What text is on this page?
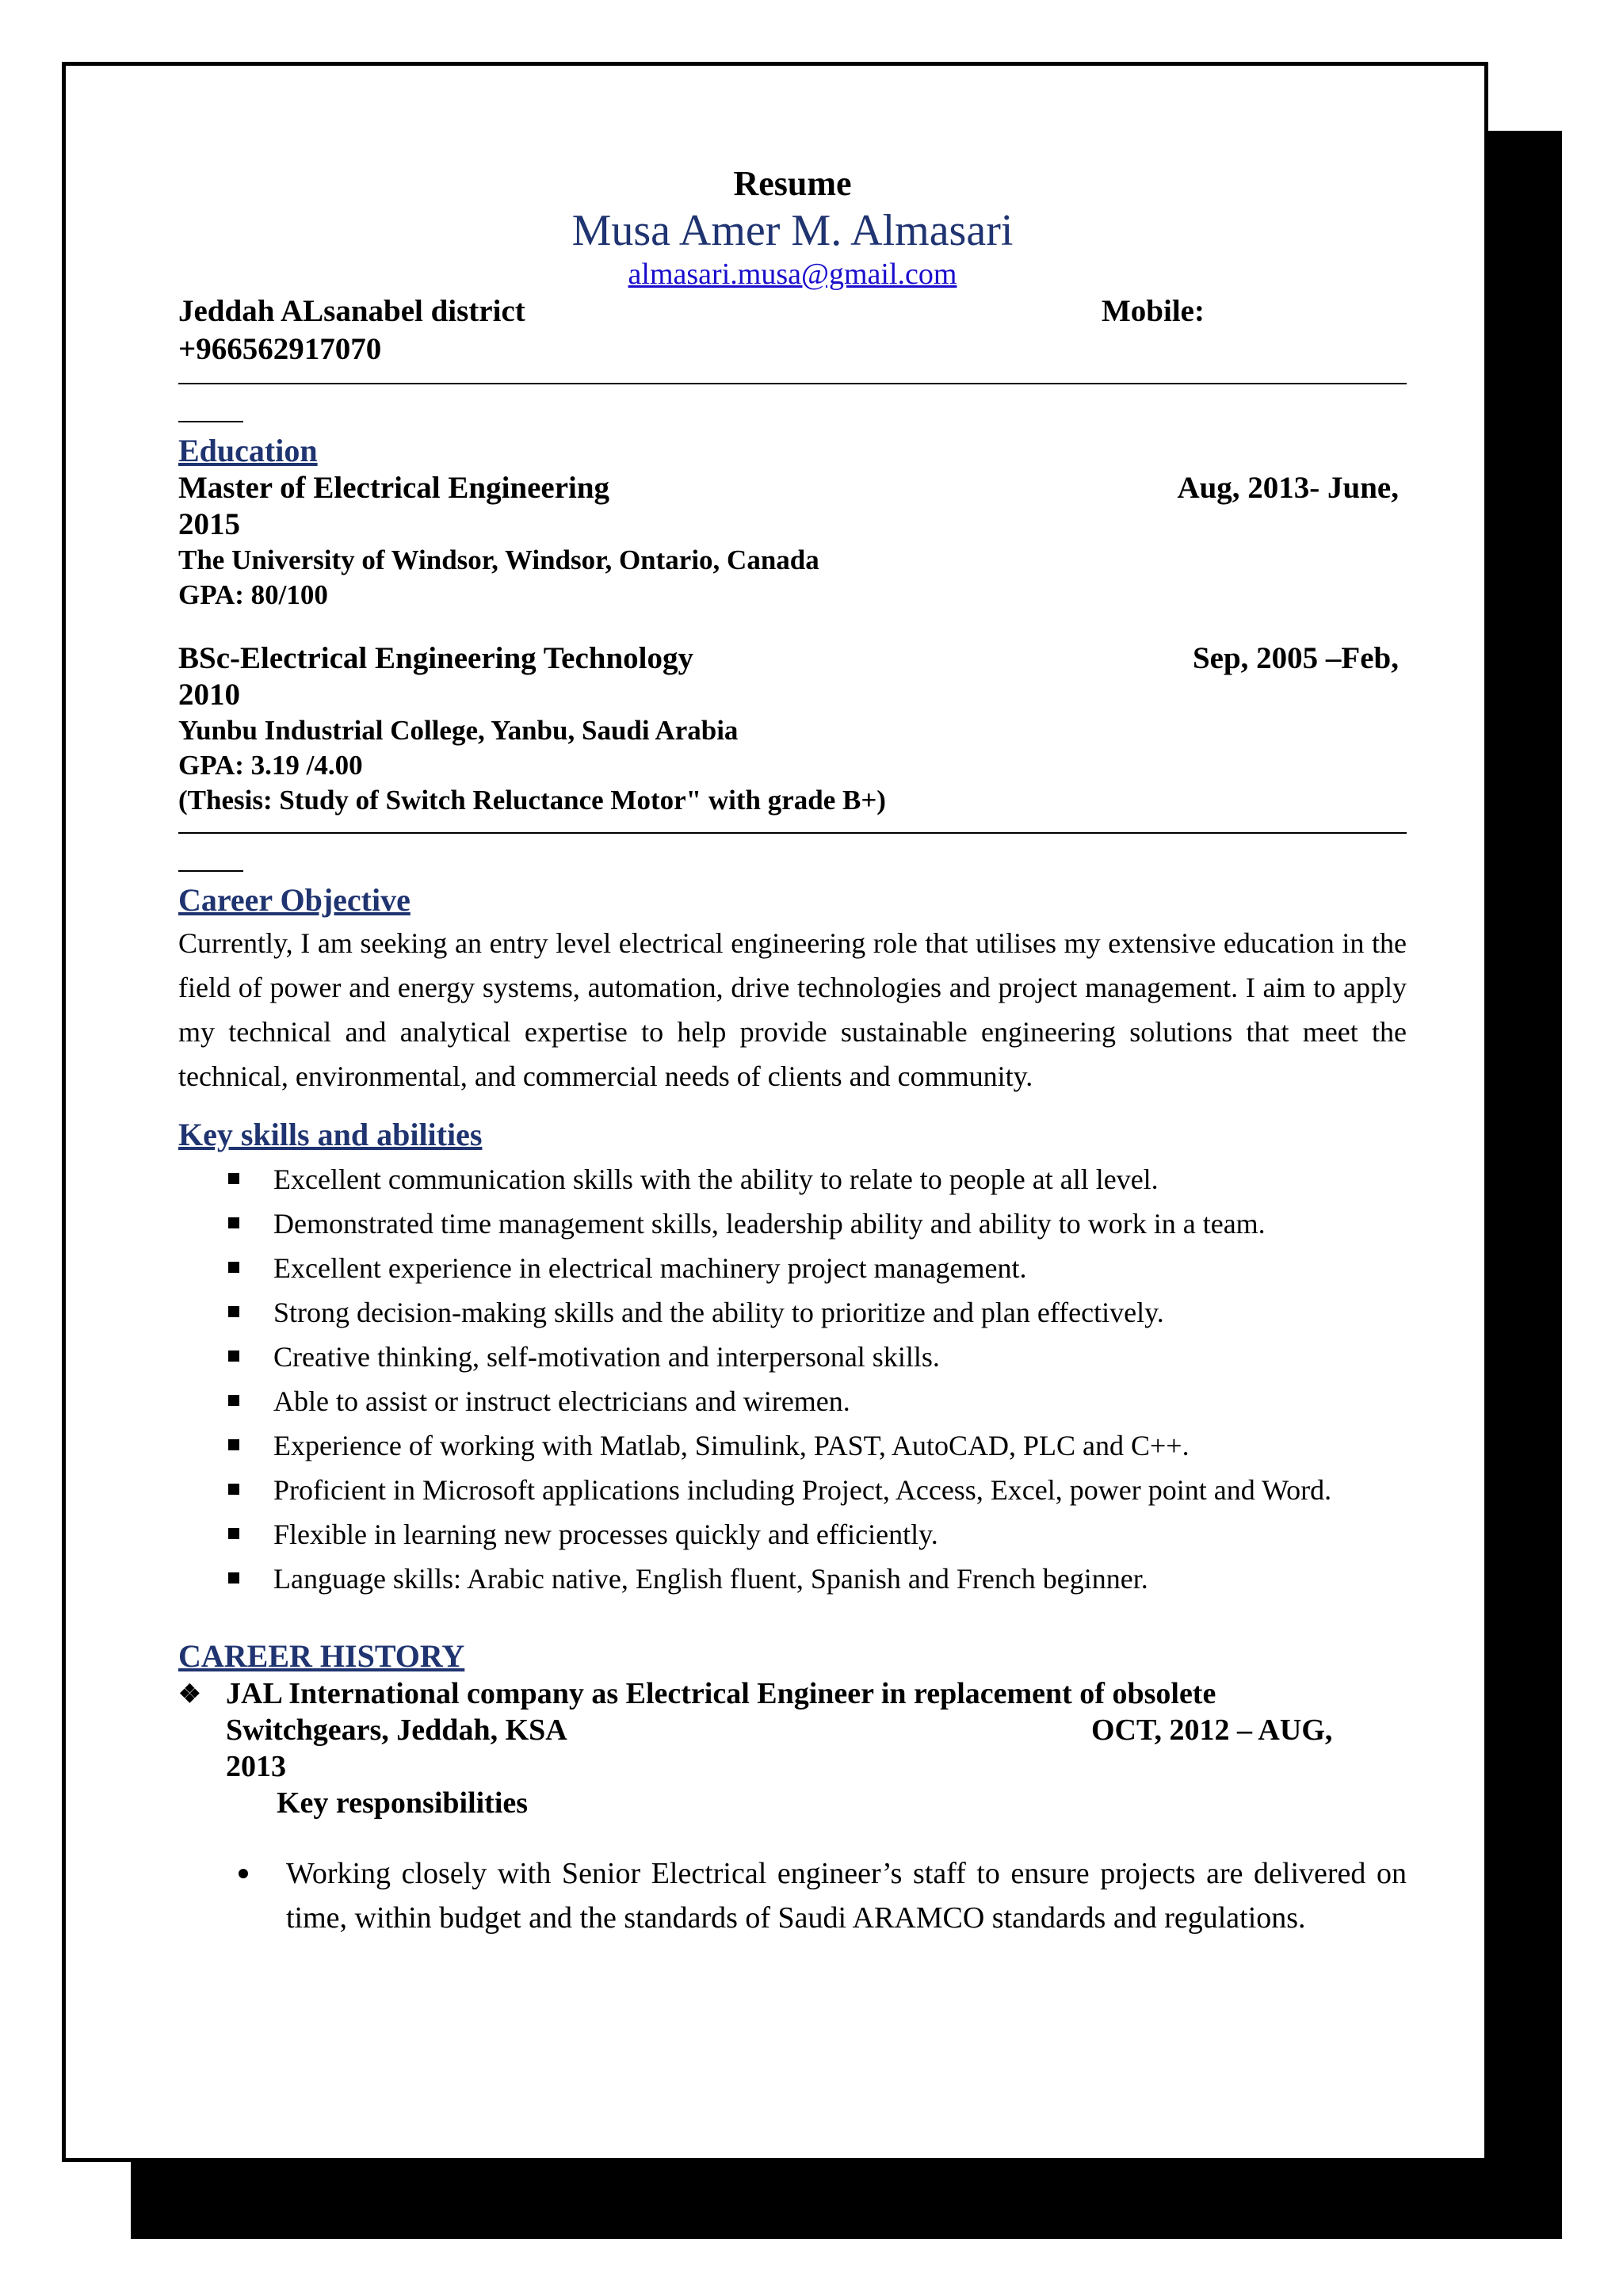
Resume
Musa Amer M. Almasari
almasari.musa@gmail.com
Jeddah ALsanabel district	Mobile:
+966562917070
Education
Master of Electrical Engineering	Aug, 2013- June,
2015
The University of Windsor, Windsor, Ontario, Canada
GPA: 80/100
BSc-Electrical Engineering Technology	Sep, 2005 –Feb,
2010
Yunbu Industrial College, Yanbu, Saudi Arabia
GPA: 3.19 /4.00
(Thesis: Study of Switch Reluctance Motor" with grade B+)
Career Objective
Currently, I am seeking an entry level electrical engineering role that utilises my extensive education in the field of power and energy systems, automation, drive technologies and project management. I aim to apply my technical and analytical expertise to help provide sustainable engineering solutions that meet the technical, environmental, and commercial needs of clients and community.
Key skills and abilities
Excellent communication skills with the ability to relate to people at all level.
Demonstrated time management skills, leadership ability and ability to work in a team.
Excellent experience in electrical machinery project management.
Strong decision-making skills and the ability to prioritize and plan effectively.
Creative thinking, self-motivation and interpersonal skills.
Able to assist or instruct electricians and wiremen.
Experience of working with Matlab, Simulink, PAST, AutoCAD, PLC and C++.
Proficient in Microsoft applications including Project, Access, Excel, power point and Word.
Flexible in learning new processes quickly and efficiently.
Language skills: Arabic native, English fluent, Spanish and French beginner.
CAREER HISTORY
❖ JAL International company as Electrical Engineer in replacement of obsolete
Switchgears, Jeddah, KSA	OCT, 2012 – AUG,
2013
Key responsibilities
Working closely with Senior Electrical engineer’s staff to ensure projects are delivered on time, within budget and the standards of Saudi ARAMCO standards and regulations.
